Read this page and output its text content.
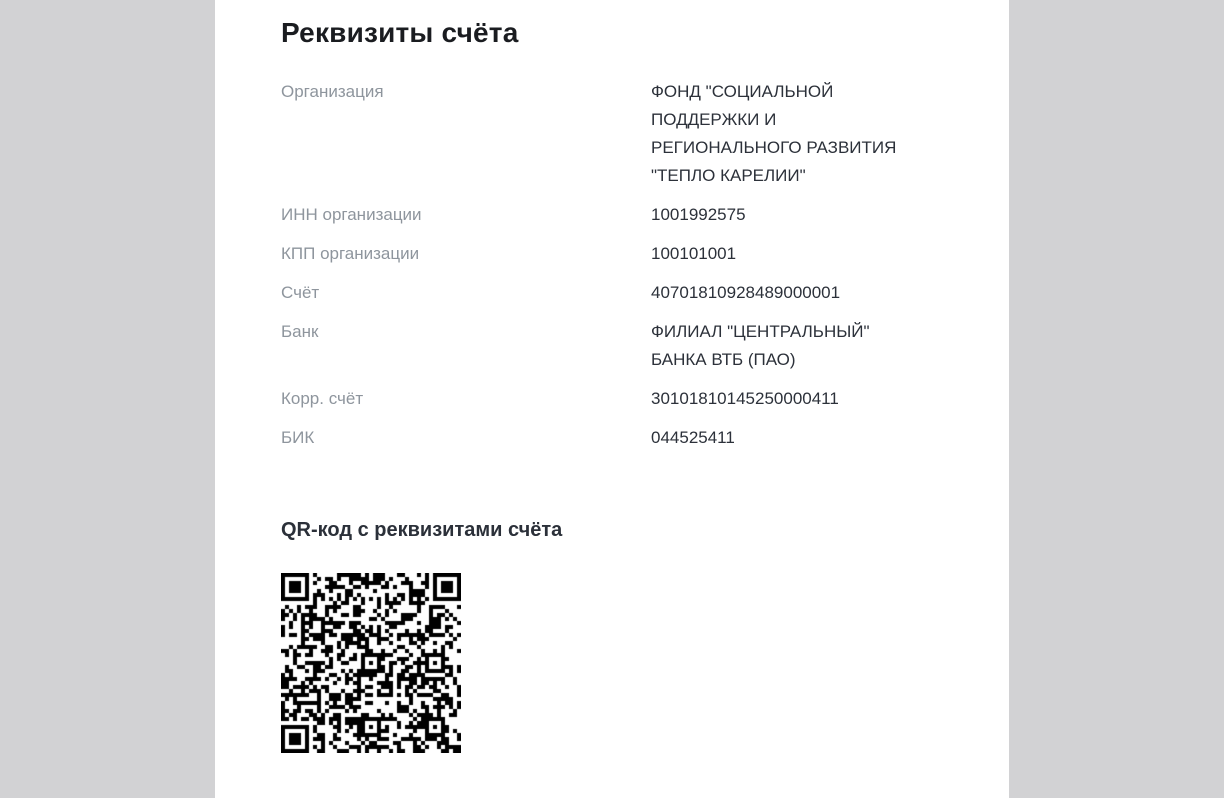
Реквизиты счёта
Организация	ФОНД "СОЦИАЛЬНОЙ ПОДДЕРЖКИ И РЕГИОНАЛЬНОГО РАЗВИТИЯ "ТЕПЛО КАРЕЛИИ"
ИНН организации	1001992575
КПП организации	100101001
Счёт	40701810928489000001
Банк	ФИЛИАЛ "ЦЕНТРАЛЬНЫЙ" БАНКА ВТБ (ПАО)
Корр. счёт	30101810145250000411
БИК	044525411
QR-код с реквизитами счёта
